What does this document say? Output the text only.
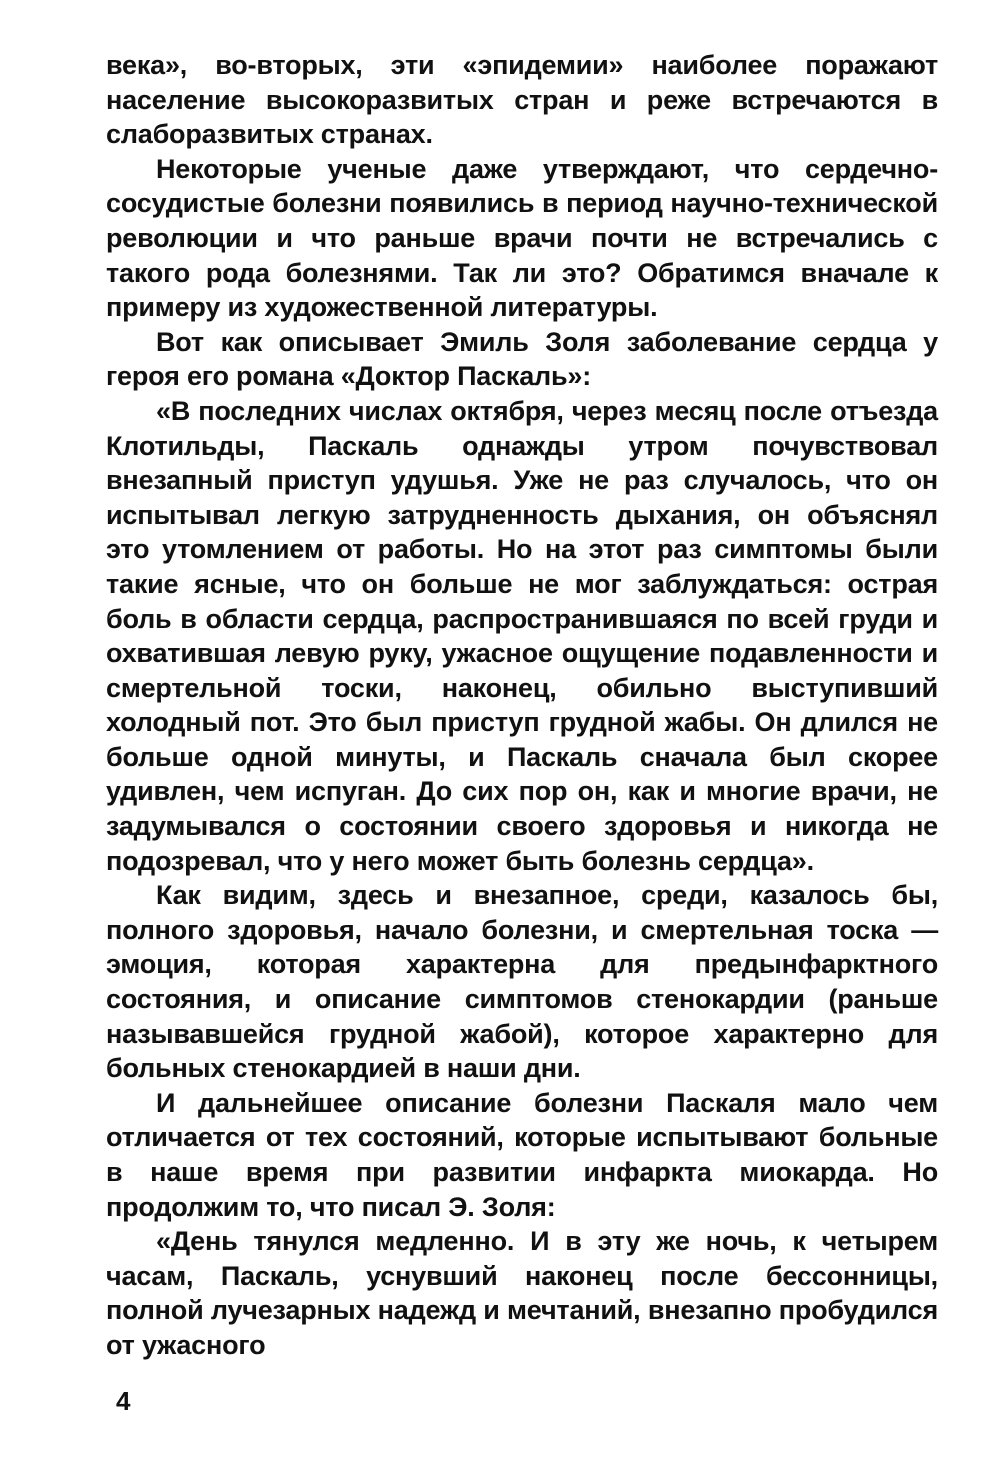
века», во-вторых, эти «эпидемии» наиболее поражают население высокоразвитых стран и реже встречаются в слаборазвитых странах.

Некоторые ученые даже утверждают, что сердечно-сосудистые болезни появились в период научно-технической революции и что раньше врачи почти не встречались с такого рода болезнями. Так ли это? Обратимся вначале к примеру из художественной литературы.

Вот как описывает Эмиль Золя заболевание сердца у героя его романа «Доктор Паскаль»:

«В последних числах октября, через месяц после отъезда Клотильды, Паскаль однажды утром почувствовал внезапный приступ удушья. Уже не раз случалось, что он испытывал легкую затрудненность дыхания, он объяснял это утомлением от работы. Но на этот раз симптомы были такие ясные, что он больше не мог заблуждаться: острая боль в области сердца, распространившаяся по всей груди и охватившая левую руку, ужасное ощущение подавленности и смертельной тоски, наконец, обильно выступивший холодный пот. Это был приступ грудной жабы. Он длился не больше одной минуты, и Паскаль сначала был скорее удивлен, чем испуган. До сих пор он, как и многие врачи, не задумывался о состоянии своего здоровья и никогда не подозревал, что у него может быть болезнь сердца».

Как видим, здесь и внезапное, среди, казалось бы, полного здоровья, начало болезни, и смертельная тоска — эмоция, которая характерна для предынфарктного состояния, и описание симптомов стенокардии (раньше называвшейся грудной жабой), которое характерно для больных стенокардией в наши дни.

И дальнейшее описание болезни Паскаля мало чем отличается от тех состояний, которые испытывают больные в наше время при развитии инфаркта миокарда. Но продолжим то, что писал Э. Золя:

«День тянулся медленно. И в эту же ночь, к четырем часам, Паскаль, уснувший наконец после бессонницы, полной лучезарных надежд и мечтаний, внезапно пробудился от ужасного

4
